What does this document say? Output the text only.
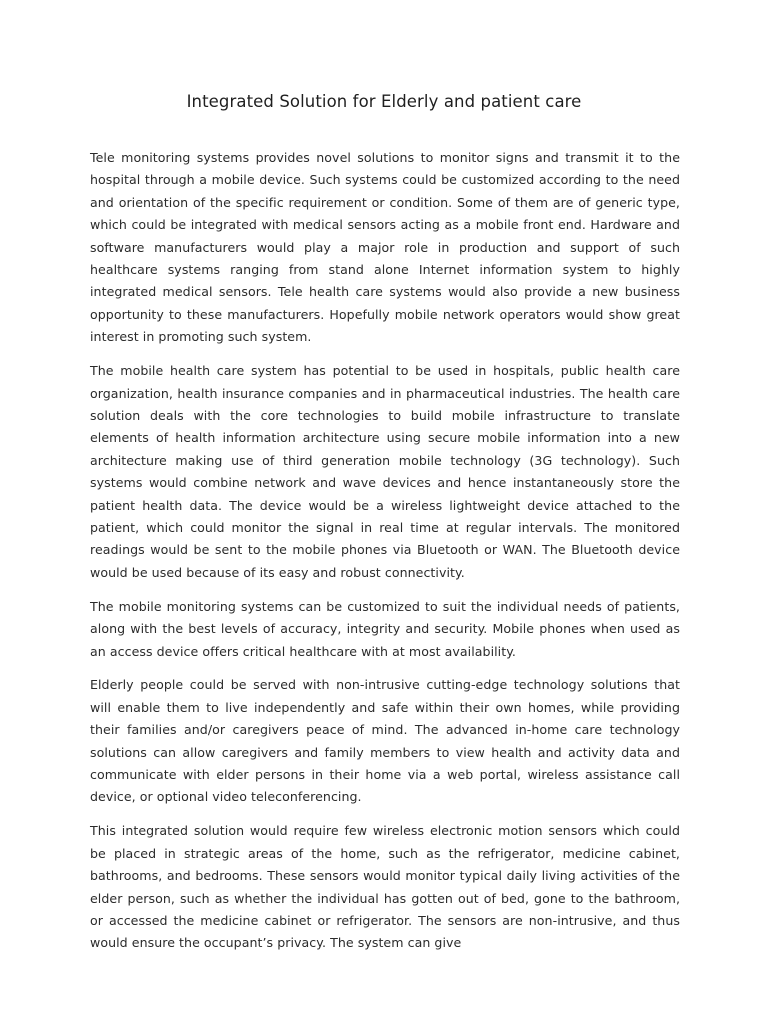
Integrated Solution for Elderly and patient care

Tele monitoring systems provides novel solutions to monitor signs and transmit it to the hospital through a mobile device. Such systems could be customized according to the need and orientation of the specific requirement or condition. Some of them are of generic type, which could be integrated with medical sensors acting as a mobile front end. Hardware and software manufacturers would play a major role in production and support of such healthcare systems ranging from stand alone Internet information system to highly integrated medical sensors. Tele health care systems would also provide a new business opportunity to these manufacturers. Hopefully mobile network operators would show great interest in promoting such system.

The mobile health care system has potential to be used in hospitals, public health care organization, health insurance companies and in pharmaceutical industries. The health care solution deals with the core technologies to build mobile infrastructure to translate elements of health information architecture using secure mobile information into a new architecture making use of third generation mobile technology (3G technology). Such systems would combine network and wave devices and hence instantaneously store the patient health data. The device would be a wireless lightweight device attached to the patient, which could monitor the signal in real time at regular intervals. The monitored readings would be sent to the mobile phones via Bluetooth or WAN. The Bluetooth device would be used because of its easy and robust connectivity.

The mobile monitoring systems can be customized to suit the individual needs of patients, along with the best levels of accuracy, integrity and security. Mobile phones when used as an access device offers critical healthcare with at most availability.

Elderly people could be served with non-intrusive cutting-edge technology solutions that will enable them to live independently and safe within their own homes, while providing their families and/or caregivers peace of mind. The advanced in-home care technology solutions can allow caregivers and family members to view health and activity data and communicate with elder persons in their home via a web portal, wireless assistance call device, or optional video teleconferencing.

This integrated solution would require few wireless electronic motion sensors which could be placed in strategic areas of the home, such as the refrigerator, medicine cabinet, bathrooms, and bedrooms. These sensors would monitor typical daily living activities of the elder person, such as whether the individual has gotten out of bed, gone to the bathroom, or accessed the medicine cabinet or refrigerator. The sensors are non-intrusive, and thus would ensure the occupant’s privacy. The system can give
